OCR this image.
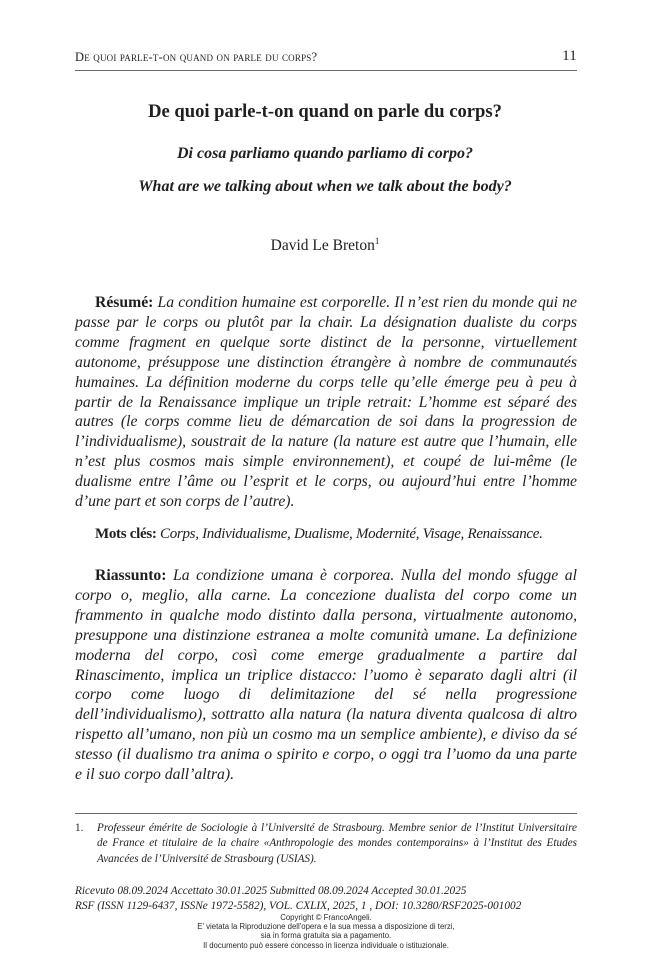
De quoi parle-t-on quand on parle du corps?	11
De quoi parle-t-on quand on parle du corps?
Di cosa parliamo quando parliamo di corpo?
What are we talking about when we talk about the body?
David Le Breton$^1$

Résumé: La condition humaine est corporelle. Il n’est rien du monde qui ne passe par le corps ou plutôt par la chair. La désignation dualiste du corps comme fragment en quelque sorte distinct de la personne, virtuellement autonome, présuppose une distinction étrangère à nombre de communautés humaines. La définition moderne du corps telle qu’elle émerge peu à peu à partir de la Renaissance implique un triple retrait: L’homme est séparé des autres (le corps comme lieu de démarcation de soi dans la progression de l’individualisme), soustrait de la nature (la nature est autre que l’humain, elle n’est plus cosmos mais simple environnement), et coupé de lui-même (le dualisme entre l’âme ou l’esprit et le corps, ou aujourd’hui entre l’homme d’une part et son corps de l’autre).

Mots clés: Corps, Individualisme, Dualisme, Modernité, Visage, Renaissance.

Riassunto: La condizione umana è corporea. Nulla del mondo sfugge al corpo o, meglio, alla carne. La concezione dualista del corpo come un frammento in qualche modo distinto dalla persona, virtualmente autonomo, presuppone una distinzione estranea a molte comunità umane. La definizione moderna del corpo, così come emerge gradualmente a partire dal Rinascimento, implica un triplice distacco: l’uomo è separato dagli altri (il corpo come luogo di delimitazione del sé nella progressione dell’individualismo), sottratto alla natura (la natura diventa qualcosa di altro rispetto all’umano, non più un cosmo ma un semplice ambiente), e diviso da sé stesso (il dualismo tra anima o spirito e corpo, o oggi tra l’uomo da una parte e il suo corpo dall’altra).

1. Professeur émérite de Sociologie à l’Université de Strasbourg. Membre senior de l’Institut Universitaire de France et titulaire de la chaire «Anthropologie des mondes contemporains» à l’Institut des Etudes Avancées de l’Université de Strasbourg (USIAS).
Ricevuto 08.09.2024 Accettato 30.01.2025 Submitted 08.09.2024 Accepted 30.01.2025
RSF (ISSN 1129-6437, ISSNe 1972-5582), VOL. CXLIX, 2025, 1 , DOI: 10.3280/RSF2025-001002
Copyright © FrancoAngeli.
E' vietata la Riproduzione dell'opera e la sua messa a disposizione di terzi,
sia in forma gratuita sia a pagamento.
Il documento può essere concesso in licenza individuale o istituzionale.
